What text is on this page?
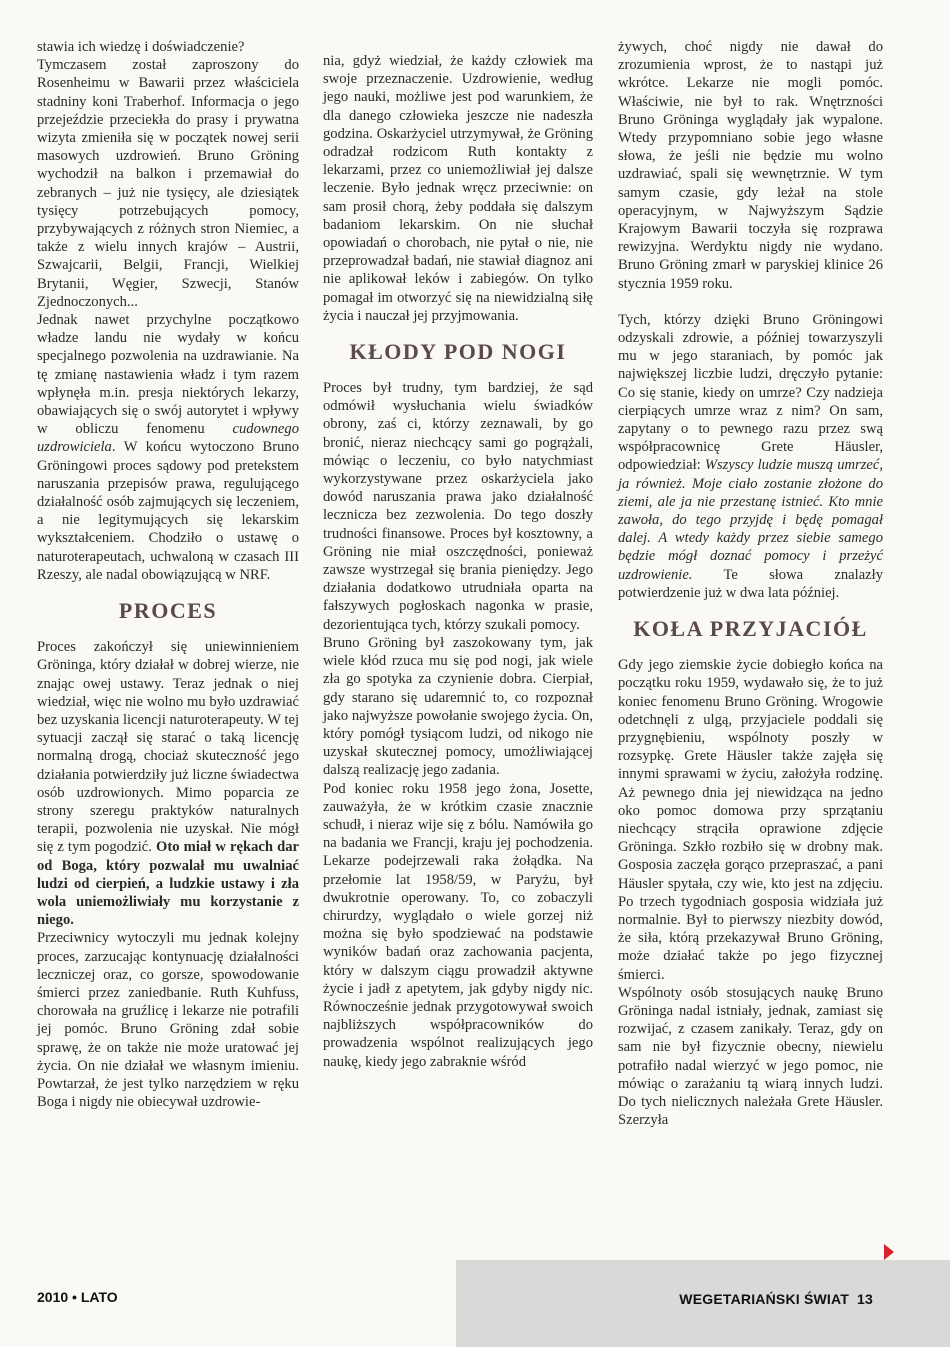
stawia ich wiedzę i doświadczenie?

Tymczasem został zaproszony do Rosenheimu w Bawarii przez właściciela stadniny koni Traberhof. Informacja o jego przejeździe przeciekła do prasy i prywatna wizyta zmieniła się w początek nowej serii masowych uzdrowień. Bruno Gröning wychodził na balkon i przemawiał do zebranych – już nie tysięcy, ale dziesiątek tysięcy potrzebujących pomocy, przybywających z różnych stron Niemiec, a także z wielu innych krajów – Austrii, Szwajcarii, Belgii, Francji, Wielkiej Brytanii, Węgier, Szwecji, Stanów Zjednoczonych...

Jednak nawet przychylne początkowo władze landu nie wydały w końcu specjalnego pozwolenia na uzdrawianie. Na tę zmianę nastawienia władz i tym razem wpłynęła m.in. presja niektórych lekarzy, obawiających się o swój autorytet i wpływy w obliczu fenomenu cudownego uzdrowiciela. W końcu wytoczono Bruno Gröningowi proces sądowy pod pretekstem naruszania przepisów prawa, regulującego działalność osób zajmujących się leczeniem, a nie legitymujących się lekarskim wykształceniem. Chodziło o ustawę o naturoterapeutach, uchwaloną w czasach III Rzeszy, ale nadal obowiązującą w NRF.

PROCES

Proces zakończył się uniewinnieniem Gröninga, który działał w dobrej wierze, nie znając owej ustawy. Teraz jednak o niej wiedział, więc nie wolno mu było uzdrawiać bez uzyskania licencji naturoterapeuty. W tej sytuacji zaczął się starać o taką licencję normalną drogą, chociaż skuteczność jego działania potwierdziły już liczne świadectwa osób uzdrowionych. Mimo poparcia ze strony szeregu praktyków naturalnych terapii, pozwolenia nie uzyskał. Nie mógł się z tym pogodzić. Oto miał w rękach dar od Boga, który pozwalał mu uwalniać ludzi od cierpień, a ludzkie ustawy i zła wola uniemożliwiały mu korzystanie z niego.

Przeciwnicy wytoczyli mu jednak kolejny proces, zarzucając kontynuację działalności leczniczej oraz, co gorsze, spowodowanie śmierci przez zaniedbanie. Ruth Kuhfuss, chorowała na gruźlicę i lekarze nie potrafili jej pomóc. Bruno Gröning zdał sobie sprawę, że on także nie może uratować jej życia. On nie działał we własnym imieniu. Powtarzał, że jest tylko narzędziem w ręku Boga i nigdy nie obiecywał uzdrowie-

nia, gdyż wiedział, że każdy człowiek ma swoje przeznaczenie. Uzdrowienie, według jego nauki, możliwe jest pod warunkiem, że dla danego człowieka jeszcze nie nadeszła godzina. Oskarżyciel utrzymywał, że Gröning odradzał rodzicom Ruth kontakty z lekarzami, przez co uniemożliwiał jej dalsze leczenie. Było jednak wręcz przeciwnie: on sam prosił chorą, żeby poddała się dalszym badaniom lekarskim. On nie słuchał opowiadań o chorobach, nie pytał o nie, nie przeprowadzał badań, nie stawiał diagnoz ani nie aplikował leków i zabiegów. On tylko pomagał im otworzyć się na niewidzialną siłę życia i nauczał jej przyjmowania.

KŁODY POD NOGI

Proces był trudny, tym bardziej, że sąd odmówił wysłuchania wielu świadków obrony, zaś ci, którzy zeznawali, by go bronić, nieraz niechcący sami go pogrążali, mówiąc o leczeniu, co było natychmiast wykorzystywane przez oskarżyciela jako dowód naruszania prawa jako działalność lecznicza bez zezwolenia. Do tego doszły trudności finansowe. Proces był kosztowny, a Gröning nie miał oszczędności, ponieważ zawsze wystrzegał się brania pieniędzy. Jego działania dodatkowo utrudniała oparta na fałszywych pogłoskach nagonka w prasie, dezorientująca tych, którzy szukali pomocy.

Bruno Gröning był zaszokowany tym, jak wiele kłód rzuca mu się pod nogi, jak wiele zła go spotyka za czynienie dobra. Cierpiał, gdy starano się udaremnić to, co rozpoznał jako najwyższe powołanie swojego życia. On, który pomógł tysiącom ludzi, od nikogo nie uzyskał skutecznej pomocy, umożliwiającej dalszą realizację jego zadania.

Pod koniec roku 1958 jego żona, Josette, zauważyła, że w krótkim czasie znacznie schudł, i nieraz wije się z bólu. Namówiła go na badania we Francji, kraju jej pochodzenia. Lekarze podejrzewali raka żołądka. Na przełomie lat 1958/59, w Paryżu, był dwukrotnie operowany. To, co zobaczyli chirurdzy, wyglądało o wiele gorzej niż można się było spodziewać na podstawie wyników badań oraz zachowania pacjenta, który w dalszym ciągu prowadził aktywne życie i jadł z apetytem, jak gdyby nigdy nic. Równocześnie jednak przygotowywał swoich najbliższych współpracowników do prowadzenia wspólnot realizujących jego naukę, kiedy jego zabraknie wśród

żywych, choć nigdy nie dawał do zrozumienia wprost, że to nastąpi już wkrótce. Lekarze nie mogli pomóc. Właściwie, nie był to rak. Wnętrzności Bruno Gröninga wyglądały jak wypalone. Wtedy przypomniano sobie jego własne słowa, że jeśli nie będzie mu wolno uzdrawiać, spali się wewnętrznie. W tym samym czasie, gdy leżał na stole operacyjnym, w Najwyższym Sądzie Krajowym Bawarii toczyła się rozprawa rewizyjna. Werdyktu nigdy nie wydano. Bruno Gröning zmarł w paryskiej klinice 26 stycznia 1959 roku.

Tych, którzy dzięki Bruno Gröningowi odzyskali zdrowie, a później towarzyszyli mu w jego staraniach, by pomóc jak największej liczbie ludzi, dręczyło pytanie: Co się stanie, kiedy on umrze? Czy nadzieja cierpiących umrze wraz z nim? On sam, zapytany o to pewnego razu przez swą współpracownicę Grete Häusler, odpowiedział: Wszyscy ludzie muszą umrzeć, ja również. Moje ciało zostanie złożone do ziemi, ale ja nie przestanę istnieć. Kto mnie zawoła, do tego przyjdę i będę pomagał dalej. A wtedy każdy przez siebie samego będzie mógł doznać pomocy i przeżyć uzdrowienie. Te słowa znalazły potwierdzenie już w dwa lata później.

KOŁA PRZYJACIÓŁ

Gdy jego ziemskie życie dobiegło końca na początku roku 1959, wydawało się, że to już koniec fenomenu Bruno Gröning. Wrogowie odetchnęli z ulgą, przyjaciele poddali się przygnębieniu, wspólnoty poszły w rozsypkę. Grete Häusler także zajęła się innymi sprawami w życiu, założyła rodzinę. Aż pewnego dnia jej niewidząca na jedno oko pomoc domowa przy sprzątaniu niechcący strąciła oprawione zdjęcie Gröninga. Szkło rozbiło się w drobny mak. Gosposia zaczęła gorąco przepraszać, a pani Häusler spytała, czy wie, kto jest na zdjęciu. Po trzech tygodniach gosposia widziała już normalnie. Był to pierwszy niezbity dowód, że siła, którą przekazywał Bruno Gröning, może działać także po jego fizycznej śmierci.

Wspólnoty osób stosujących naukę Bruno Gröninga nadal istniały, jednak, zamiast się rozwijać, z czasem zanikały. Teraz, gdy on sam nie był fizycznie obecny, niewielu potrafiło nadal wierzyć w jego pomoc, nie mówiąc o zarażaniu tą wiarą innych ludzi. Do tych nielicznych należała Grete Häusler. Szerzyła

2010 • LATO	WEGETARIAŃSKI ŚWIAT 13
